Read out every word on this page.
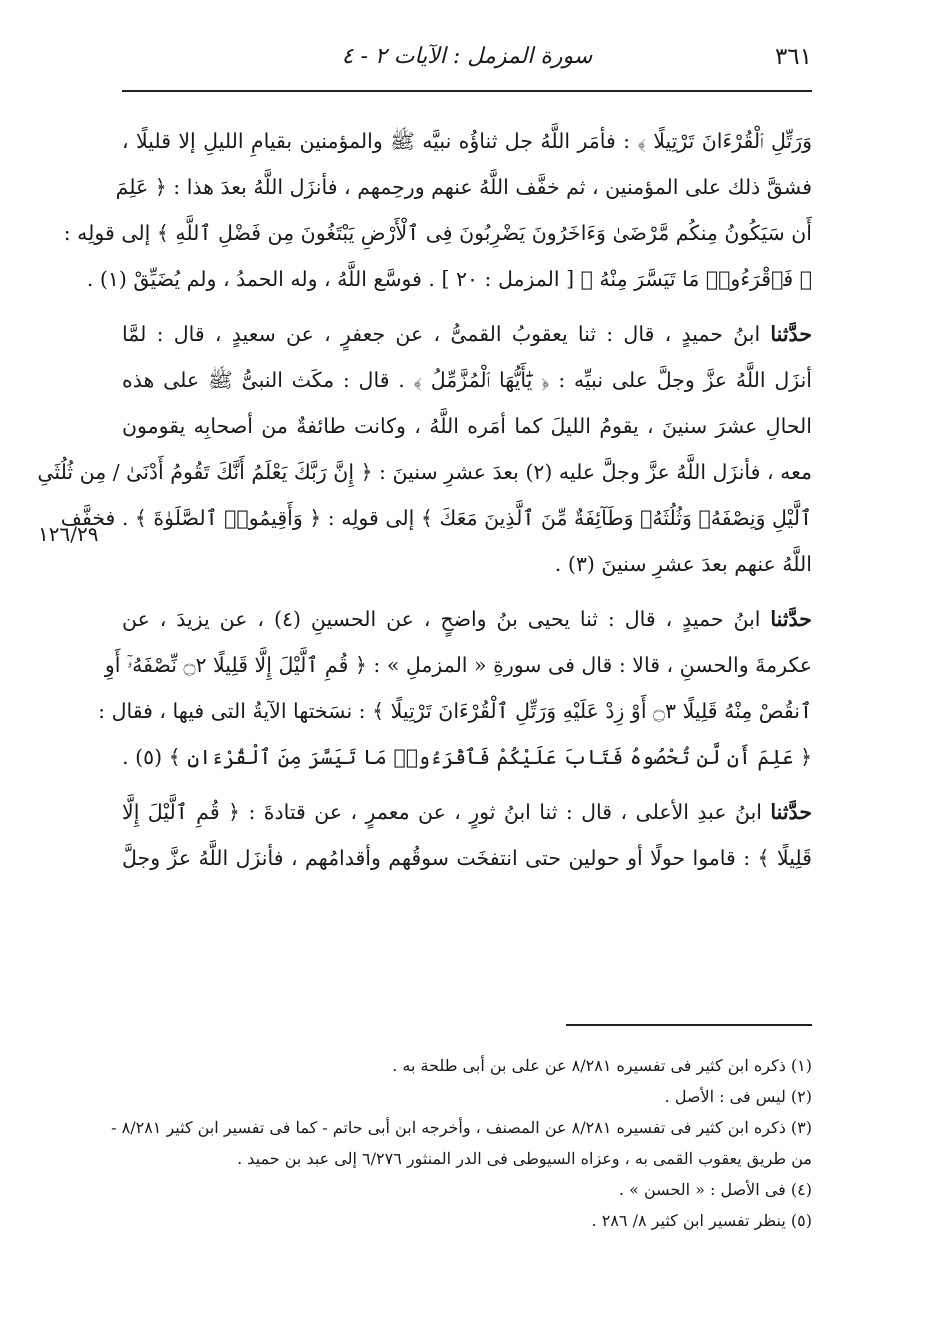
٣٦١
سورة المزمل : الآيات ٢ - ٤
١٢٦/٢٩
وَرَتِّلِ ٱلْقُرْءَانَ تَرْتِيلًا ﴾ : فأمَر اللَّهُ جل ثناؤُه نبيَّه ﷺ والمؤمنين بقيامِ الليلِ إلا قليلًا ،
فشقَّ ذلك على المؤمنين ، ثم خفَّف اللَّهُ عنهم ورحِمهم ، فأنزَل اللَّهُ بعدَ هذا : ﴿ عَلِمَ
أَن سَيَكُونُ مِنكُم مَّرْضَىٰ وَءَاخَرُونَ يَضْرِبُونَ فِى ٱلْأَرْضِ يَبْتَغُونَ مِن فَضْلِ ٱللَّهِ ﴾ إلى قولِه :
﴿ فَٱقْرَءُوا۟ مَا تَيَسَّرَ مِنْهُ ﴾ [ المزمل : ٢٠ ] . فوسَّع اللَّهُ ، وله الحمدُ ، ولم يُضَيِّقْ (١) .
حدَّثنا ابنُ حميدٍ ، قال : ثنا يعقوبُ القمىُّ ، عن جعفرٍ ، عن سعيدٍ ، قال : لمَّا
أنزَل اللَّهُ عزَّ وجلَّ على نبيِّه : ﴿ يَٰٓأَيُّهَا ٱلْمُزَّمِّلُ ﴾ . قال : مكَث النبىُّ ﷺ على هذه
الحالِ عشرَ سنينَ ، يقومُ الليلَ كما أمَره اللَّهُ ، وكانت طائفةٌ من أصحابِه يقومون
معه ، فأنزَل اللَّهُ عزَّ وجلَّ عليه (٢) بعدَ عشرِ سنينَ : ﴿ إِنَّ رَبَّكَ يَعْلَمُ أَنَّكَ تَقُومُ أَدْنَىٰ / مِن ثُلُثَىِ
ٱلَّيْلِ وَنِصْفَهُۥ وَثُلُثَهُۥ وَطَآئِفَةٌ مِّنَ ٱلَّذِينَ مَعَكَ ﴾ إلى قولِه : ﴿ وَأَقِيمُوا۟ ٱلصَّلَوٰةَ ﴾ . فخفَّف
اللَّهُ عنهم بعدَ عشرِ سنينَ (٣) .
حدَّثنا ابنُ حميدٍ ، قال : ثنا يحيى بنُ واضحٍ ، عن الحسينِ (٤) ، عن يزيدَ ، عن
عكرمةَ والحسنِ ، قالا : قال فى سورةِ « المزملِ » : ﴿ قُمِ ٱلَّيْلَ إِلَّا قَلِيلًا ۝٢ نِّصْفَهُۥٓ أَوِ
ٱنقُصْ مِنْهُ قَلِيلًا ۝٣ أَوْ زِدْ عَلَيْهِ وَرَتِّلِ ٱلْقُرْءَانَ تَرْتِيلًا ﴾ : نسَختها الآيةُ التى فيها ، فقال :
﴿ عَلِمَ أَن لَّن تُحْصُوهُ فَتَابَ عَلَيْكُمْ فَٱقْرَءُوا۟ مَا تَيَسَّرَ مِنَ ٱلْقُرْءَانِ ﴾ (٥) .
حدَّثنا ابنُ عبدِ الأعلى ، قال : ثنا ابنُ ثورٍ ، عن معمرٍ ، عن قتادةَ : ﴿ قُمِ ٱلَّيْلَ إِلَّا
قَلِيلًا ﴾ : قاموا حولًا أو حولين حتى انتفخَت سوقُهم وأقدامُهم ، فأنزَل اللَّهُ عزَّ وجلَّ
(١) ذكره ابن كثير فى تفسيره ٨/٢٨١ عن على بن أبى طلحة به .
(٢) ليس فى : الأصل .
(٣) ذكره ابن كثير فى تفسيره ٨/٢٨١ عن المصنف ، وأخرجه ابن أبى حاتم - كما فى تفسير ابن كثير ٨/٢٨١ -
من طريق يعقوب القمى به ، وعزاه السيوطى فى الدر المنثور ٦/٢٧٦ إلى عبد بن حميد .
(٤) فى الأصل : « الحسن » .
(٥) ينظر تفسير ابن كثير ٨/ ٢٨٦ .
